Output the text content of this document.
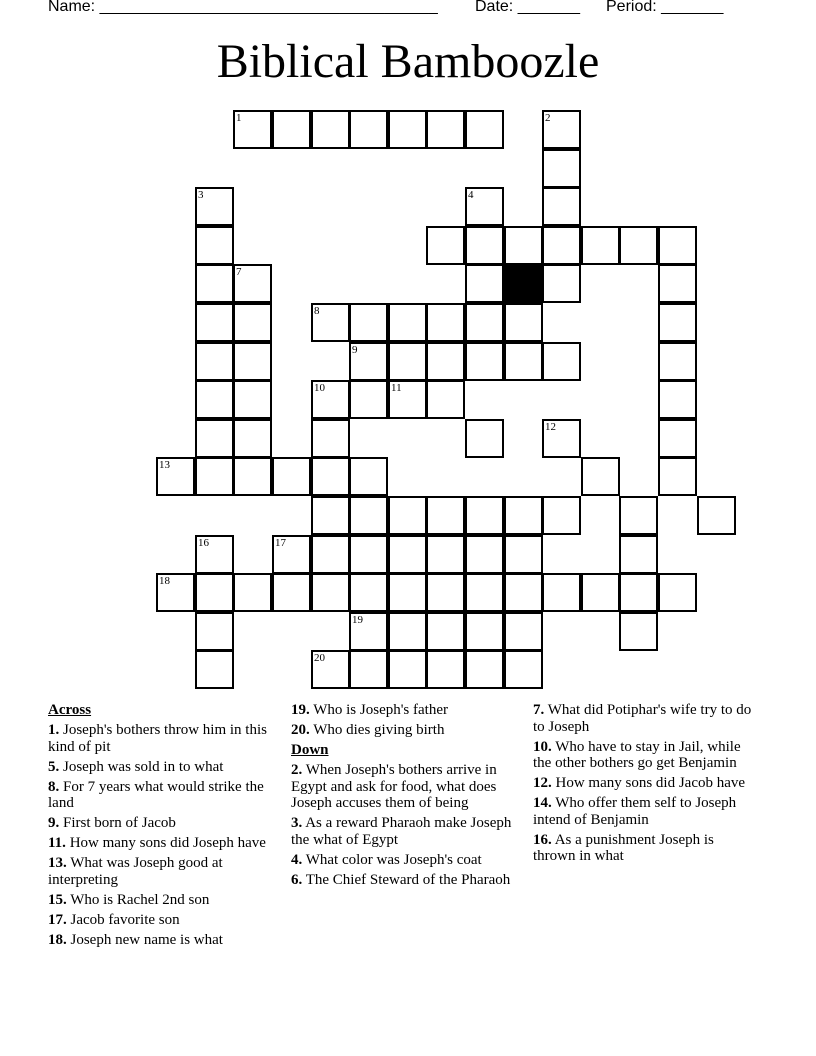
Name: ______________________________________ Date: _______ Period: _______
Biblical Bamboozle
1	2
3	4
7
8
9
10	11
12
13
16	17
18
19
20
Across
1. Joseph's bothers throw him in this kind of pit
5. Joseph was sold in to what
8. For 7 years what would strike the land
9. First born of Jacob
11. How many sons did Joseph have
13. What was Joseph good at interpreting
15. Who is Rachel 2nd son
17. Jacob favorite son
18. Joseph new name is what
19. Who is Joseph's father
20. Who dies giving birth
Down
2. When Joseph's bothers arrive in Egypt and ask for food, what does Joseph accuses them of being
3. As a reward Pharaoh make Joseph the what of Egypt
4. What color was Joseph's coat
6. The Chief Steward of the Pharaoh
7. What did Potiphar's wife try to do to Joseph
10. Who have to stay in Jail, while the other bothers go get Benjamin
12. How many sons did Jacob have
14. Who offer them self to Joseph intend of Benjamin
16. As a punishment Joseph is thrown in what
